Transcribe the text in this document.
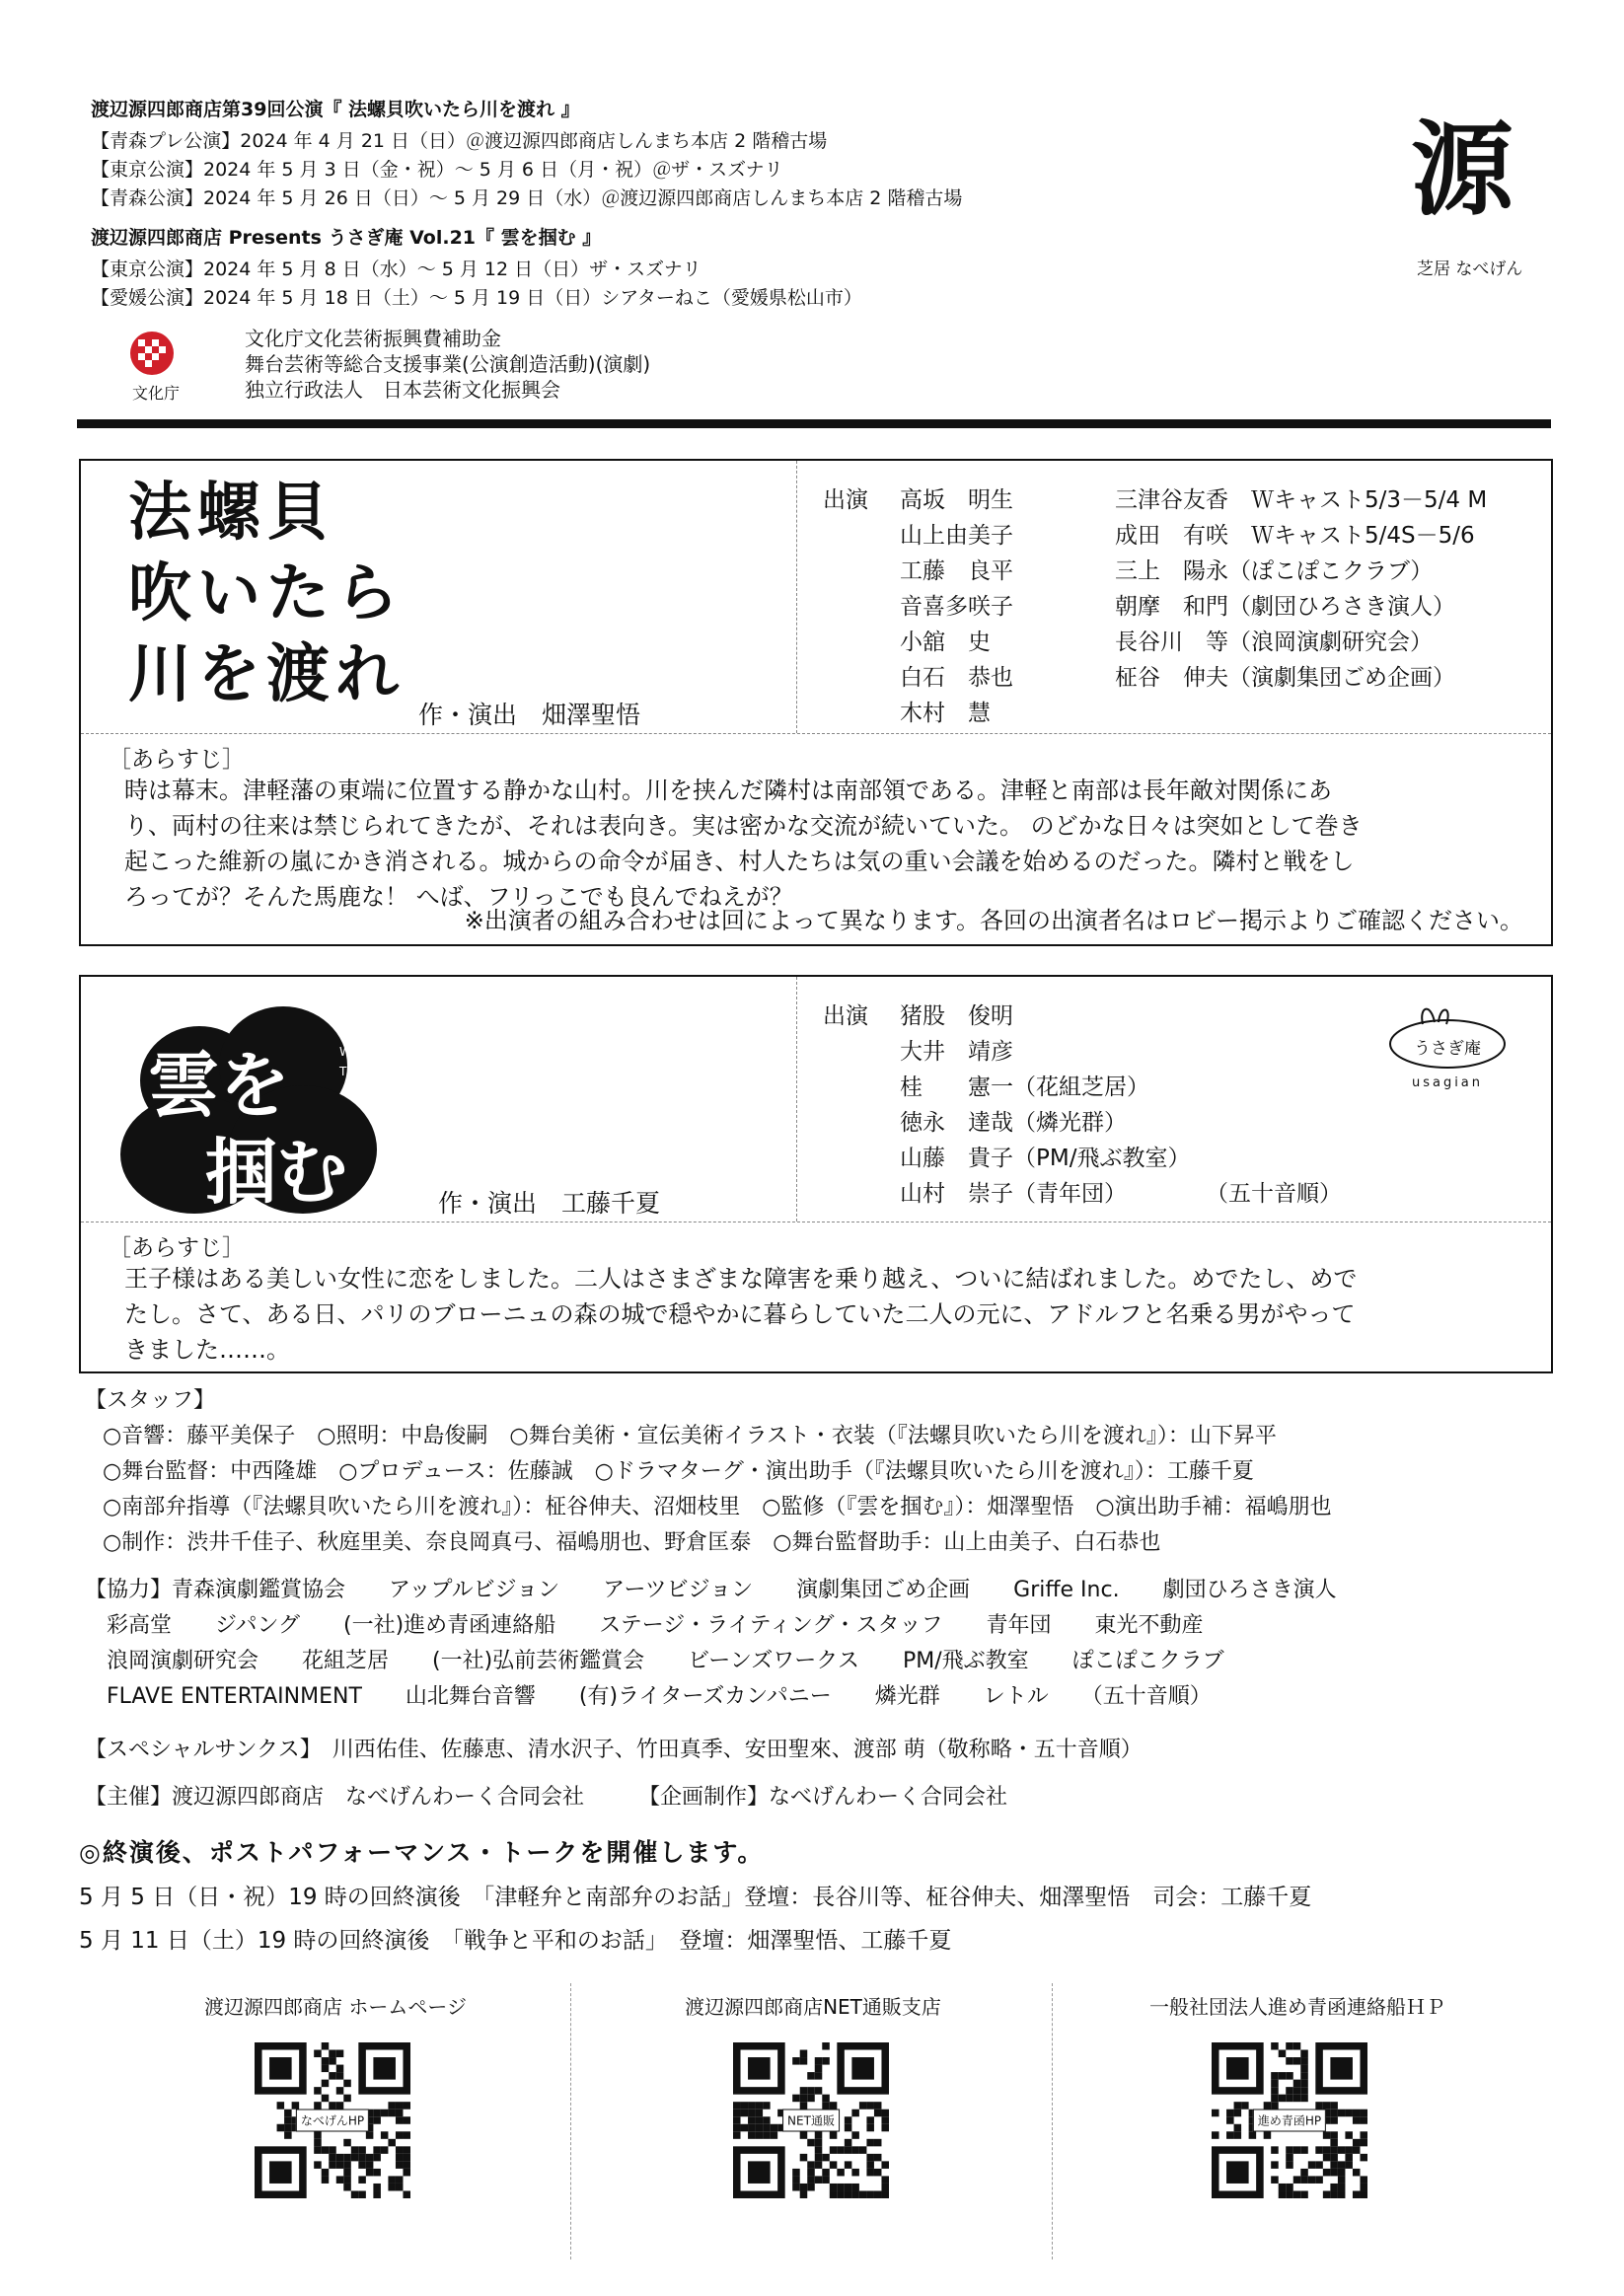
渡辺源四郎商店第39回公演『 法螺貝吹いたら川を渡れ 』
【青森プレ公演】2024 年 4 月 21 日（日）＠渡辺源四郎商店しんまち本店 2 階稽古場
【東京公演】2024 年 5 月 3 日（金・祝）～ 5 月 6 日（月・祝）＠ザ・スズナリ
【青森公演】2024 年 5 月 26 日（日）～ 5 月 29 日（水）＠渡辺源四郎商店しんまち本店 2 階稽古場
渡辺源四郎商店 Presents うさぎ庵 Vol.21『 雲を掴む 』
【東京公演】2024 年 5 月 8 日（水）～ 5 月 12 日（日）ザ・スズナリ
【愛媛公演】2024 年 5 月 18 日（土）～ 5 月 19 日（日）シアターねこ（愛媛県松山市）
源
芝居 なべげん
文化庁
文化庁文化芸術振興費補助金
舞台芸術等総合支援事業(公演創造活動)(演劇)
独立行政法人　日本芸術文化振興会
法螺貝
吹いたら
川を渡れ
作・演出　畑澤聖悟
出演 高坂　明生
山上由美子
工藤　良平
音喜多咲子
小舘　史
白石　恭也
木村　慧
三津谷友香　Ｗキャスト5/3－5/4 M
成田　有咲　Ｗキャスト5/4S－5/6
三上　陽永（ぽこぽこクラブ）
朝摩　和門（劇団ひろさき演人）
長谷川　等（浪岡演劇研究会）
柾谷　伸夫（演劇集団ごめ企画）
［あらすじ］
時は幕末。津軽藩の東端に位置する静かな山村。川を挟んだ隣村は南部領である。津軽と南部は長年敵対関係にあ
り、両村の往来は禁じられてきたが、それは表向き。実は密かな交流が続いていた。 のどかな日々は突如として巻き
起こった維新の嵐にかき消される。城からの命令が届き、村人たちは気の重い会議を始めるのだった。隣村と戦をし
ろってが？そんた馬鹿な！ へば、フリっこでも良んでねえが？
※出演者の組み合わせは回によって異なります。各回の出演者名はロビー掲示よりご確認ください。
雲を
掴む
KUMO
WO
TSUKAMU
作・演出　工藤千夏
出演 猪股　俊明
大井　靖彦
桂　　憲一（花組芝居）
徳永　達哉（燐光群）
山藤　貴子（PM/飛ぶ教室）
山村　崇子（青年団）	（五十音順）
うさぎ庵
usagian
［あらすじ］
王子様はある美しい女性に恋をしました。二人はさまざまな障害を乗り越え、ついに結ばれました。めでたし、めで
たし。さて、ある日、パリのブローニュの森の城で穏やかに暮らしていた二人の元に、アドルフと名乗る男がやって
きました……。
【スタッフ】
○音響：藤平美保子　○照明：中島俊嗣　○舞台美術・宣伝美術イラスト・衣装（『法螺貝吹いたら川を渡れ』）：山下昇平
○舞台監督：中西隆雄　○プロデュース：佐藤誠　○ドラマターグ・演出助手（『法螺貝吹いたら川を渡れ』）：工藤千夏
○南部弁指導（『法螺貝吹いたら川を渡れ』）：柾谷伸夫、沼畑枝里　○監修（『雲を掴む』）：畑澤聖悟　○演出助手補：福嶋朋也
○制作：渋井千佳子、秋庭里美、奈良岡真弓、福嶋朋也、野倉匡泰　○舞台監督助手：山上由美子、白石恭也
【協力】青森演劇鑑賞協会　　アップルビジョン　　アーツビジョン　　演劇集団ごめ企画　　Griffe Inc.　　劇団ひろさき演人
　彩高堂　　ジパング　　(一社)進め青函連絡船　　ステージ・ライティング・スタッフ　　青年団　　東光不動産
　浪岡演劇研究会　　花組芝居　　(一社)弘前芸術鑑賞会　　ビーンズワークス　　PM/飛ぶ教室　　ぽこぽこクラブ
　FLAVE ENTERTAINMENT　　山北舞台音響　　(有)ライターズカンパニー　　燐光群　　レトル　　（五十音順）
【スペシャルサンクス】　川西佑佳、佐藤恵、清水沢子、竹田真季、安田聖來、渡部 萌（敬称略・五十音順）
【主催】渡辺源四郎商店　なべげんわーく合同会社　　　【企画制作】なべげんわーく合同会社
◎終演後、ポストパフォーマンス・トークを開催します。
5 月 5 日（日・祝）19 時の回終演後　「津軽弁と南部弁のお話」登壇：長谷川等、柾谷伸夫、畑澤聖悟　司会：工藤千夏
5 月 11 日（土）19 時の回終演後　「戦争と平和のお話」　登壇：畑澤聖悟、工藤千夏
渡辺源四郎商店 ホームページ
なべげんHP
渡辺源四郎商店NET通販支店
NET通販
一般社団法人進め青函連絡船ＨＰ
進め青函HP
